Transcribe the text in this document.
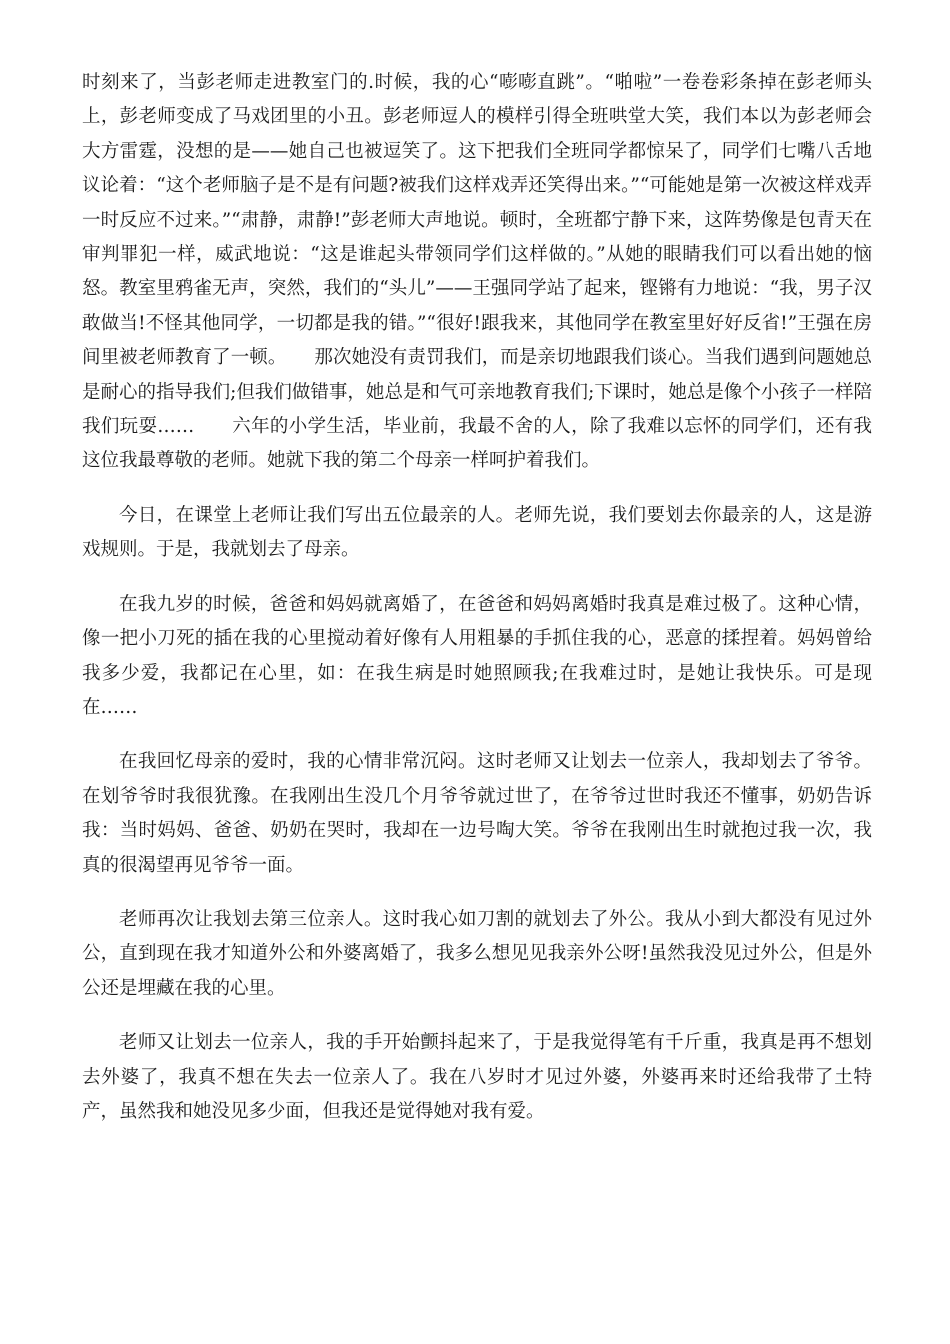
时刻来了，当彭老师走进教室门的.时候，我的心“嘭嘭直跳”。“啪啦”一卷卷彩条掉在彭老师头上，彭老师变成了马戏团里的小丑。彭老师逗人的模样引得全班哄堂大笑，我们本以为彭老师会大方雷霆，没想的是——她自己也被逗笑了。这下把我们全班同学都惊呆了，同学们七嘴八舌地议论着：“这个老师脑子是不是有问题?被我们这样戏弄还笑得出来。”“可能她是第一次被这样戏弄一时反应不过来。”“肃静，肃静!”彭老师大声地说。顿时，全班都宁静下来，这阵势像是包青天在审判罪犯一样，威武地说：“这是谁起头带领同学们这样做的。”从她的眼睛我们可以看出她的恼怒。教室里鸦雀无声，突然，我们的“头儿”——王强同学站了起来，铿锵有力地说：“我，男子汉敢做当!不怪其他同学，一切都是我的错。”“很好!跟我来，其他同学在教室里好好反省!”王强在房间里被老师教育了一顿。　　那次她没有责罚我们，而是亲切地跟我们谈心。当我们遇到问题她总是耐心的指导我们;但我们做错事，她总是和气可亲地教育我们;下课时，她总是像个小孩子一样陪我们玩耍……　　六年的小学生活，毕业前，我最不舍的人，除了我难以忘怀的同学们，还有我这位我最尊敬的老师。她就下我的第二个母亲一样呵护着我们。

今日，在课堂上老师让我们写出五位最亲的人。老师先说，我们要划去你最亲的人，这是游戏规则。于是，我就划去了母亲。

在我九岁的时候，爸爸和妈妈就离婚了，在爸爸和妈妈离婚时我真是难过极了。这种心情，像一把小刀死的插在我的心里搅动着好像有人用粗暴的手抓住我的心，恶意的揉捏着。妈妈曾给我多少爱，我都记在心里，如：在我生病是时她照顾我;在我难过时，是她让我快乐。可是现在……

在我回忆母亲的爱时，我的心情非常沉闷。这时老师又让划去一位亲人，我却划去了爷爷。在划爷爷时我很犹豫。在我刚出生没几个月爷爷就过世了，在爷爷过世时我还不懂事，奶奶告诉我：当时妈妈、爸爸、奶奶在哭时，我却在一边号啕大笑。爷爷在我刚出生时就抱过我一次，我真的很渴望再见爷爷一面。

老师再次让我划去第三位亲人。这时我心如刀割的就划去了外公。我从小到大都没有见过外公，直到现在我才知道外公和外婆离婚了，我多么想见见我亲外公呀!虽然我没见过外公，但是外公还是埋藏在我的心里。

老师又让划去一位亲人，我的手开始颤抖起来了，于是我觉得笔有千斤重，我真是再不想划去外婆了，我真不想在失去一位亲人了。我在八岁时才见过外婆，外婆再来时还给我带了土特产，虽然我和她没见多少面，但我还是觉得她对我有爱。
